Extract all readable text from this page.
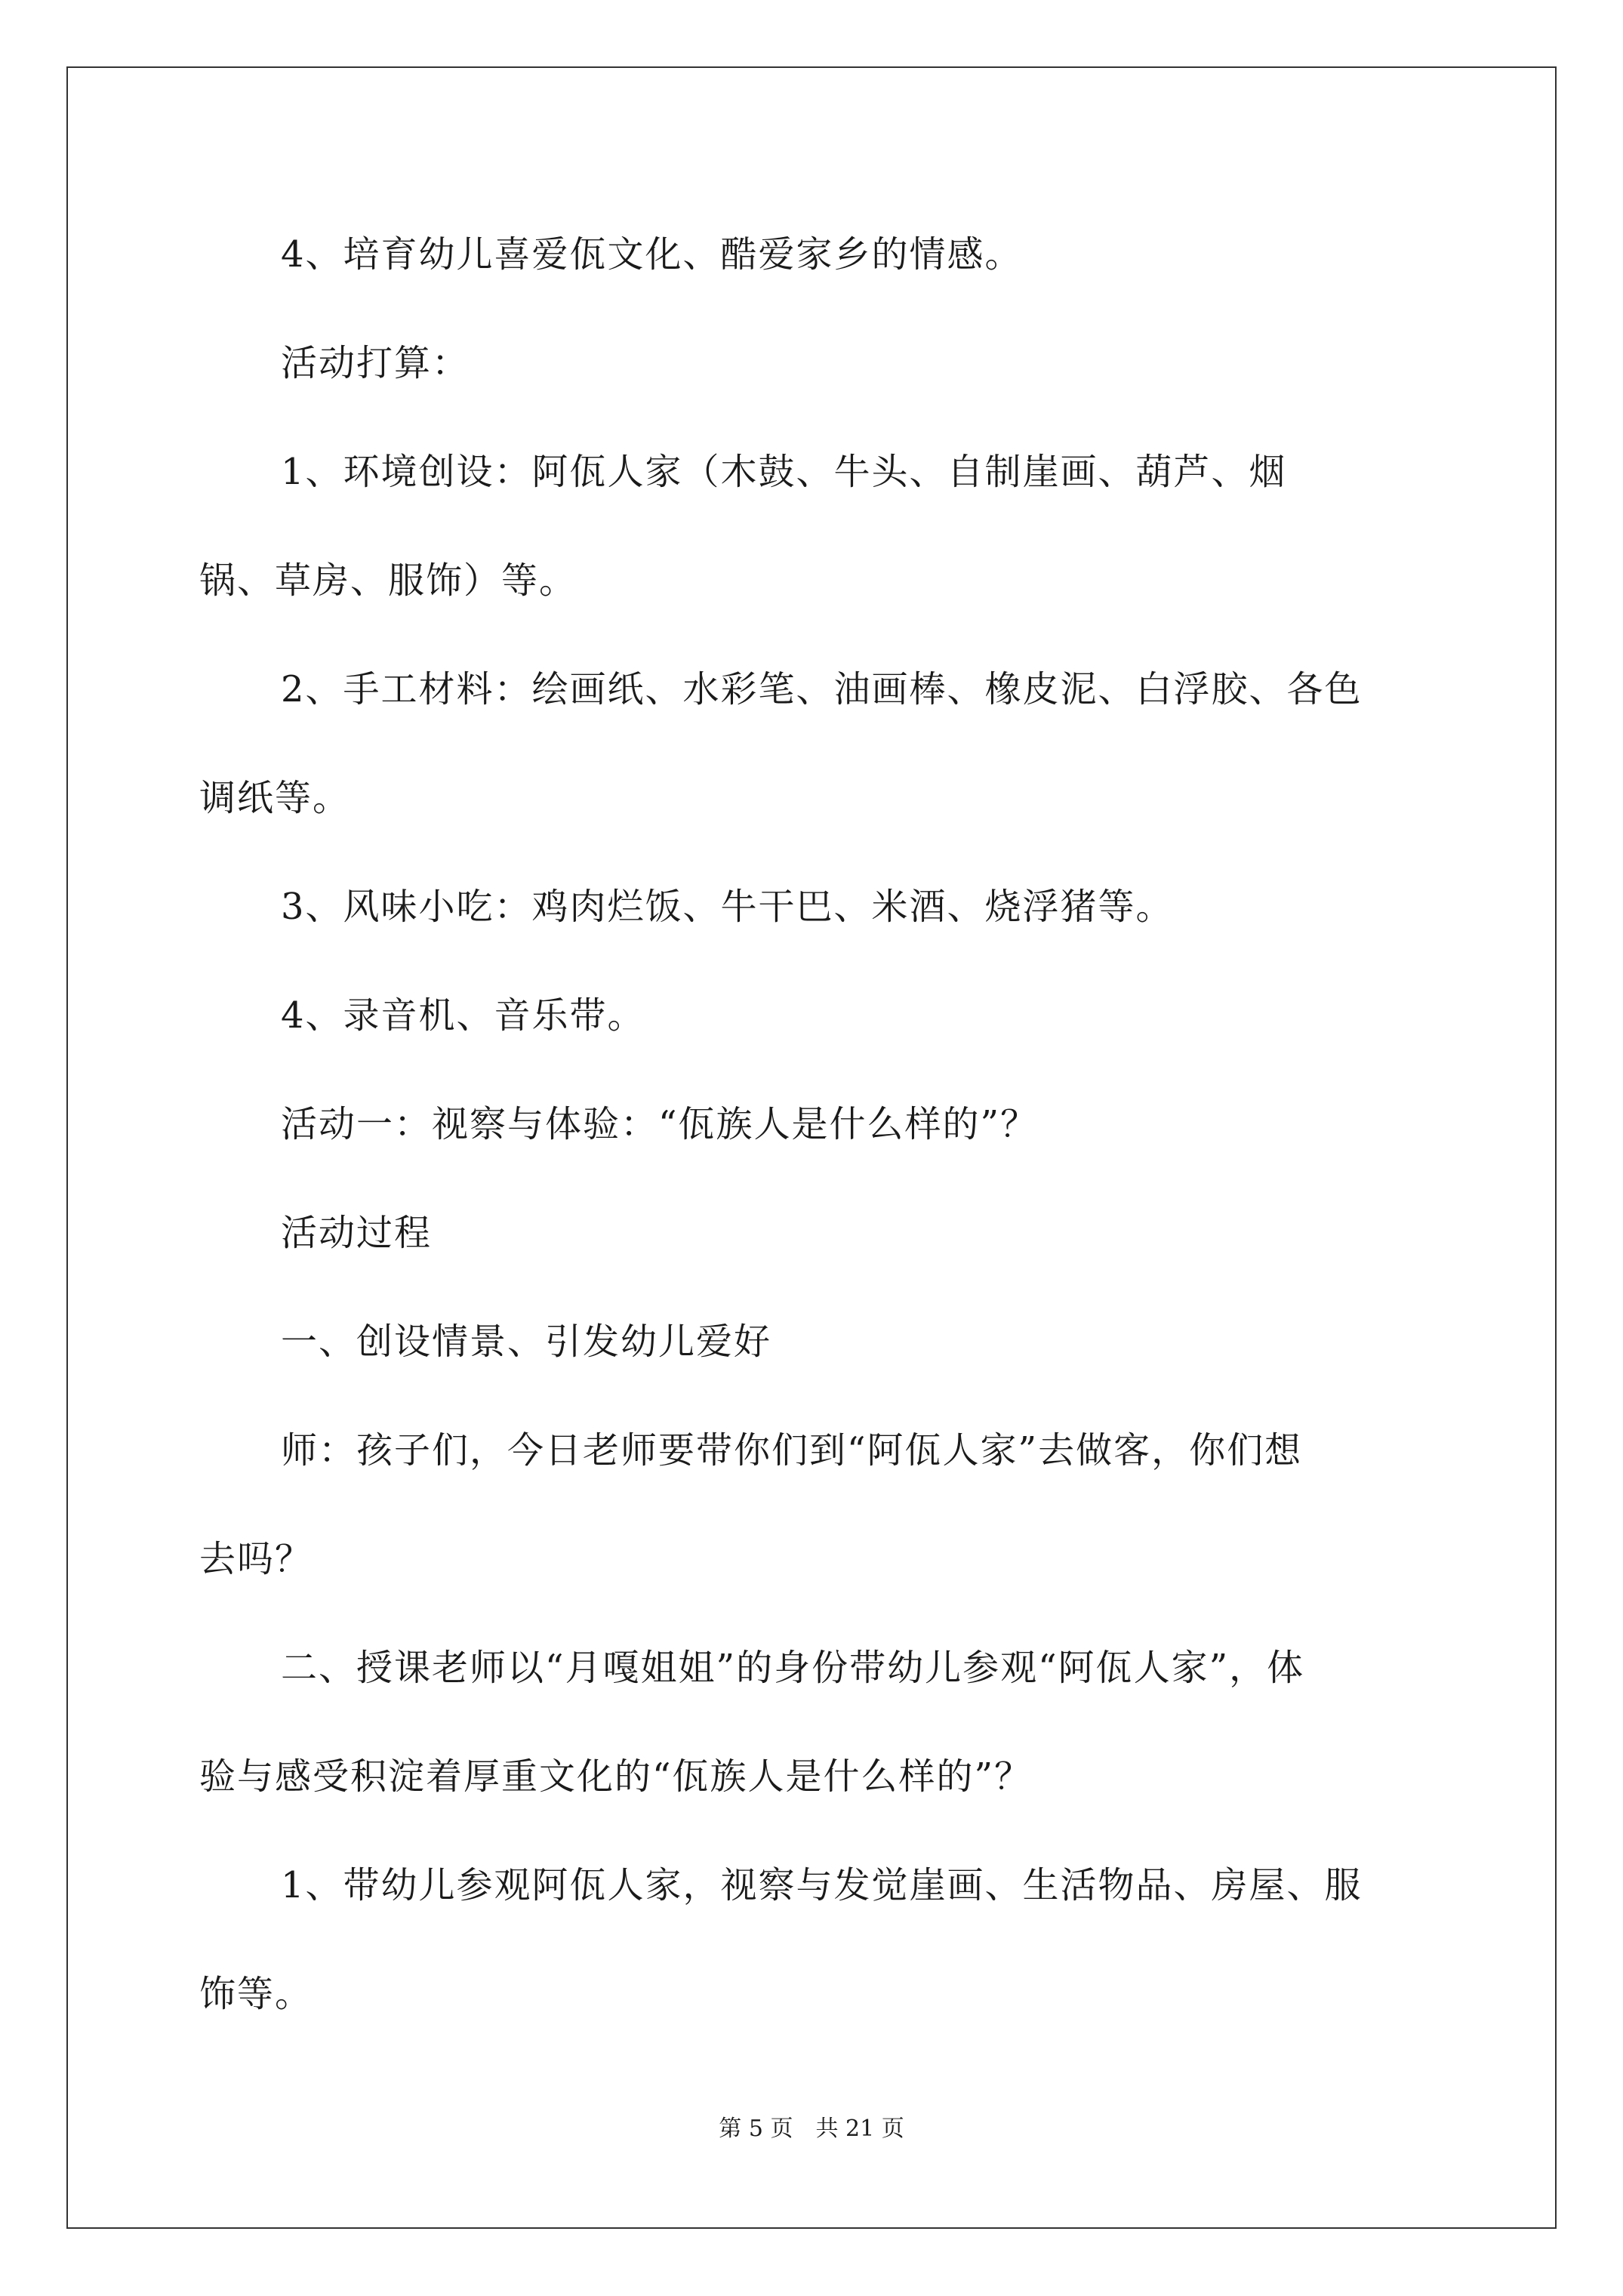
4、培育幼儿喜爱佤文化、酷爱家乡的情感。
活动打算：
1、环境创设：阿佤人家（木鼓、牛头、自制崖画、葫芦、烟
锅、草房、服饰）等。
2、手工材料：绘画纸、水彩笔、油画棒、橡皮泥、白浮胶、各色
调纸等。
3、风味小吃：鸡肉烂饭、牛干巴、米酒、烧浮猪等。
4、录音机、音乐带。
活动一：视察与体验：“佤族人是什么样的”？
活动过程
一、创设情景、引发幼儿爱好
师：孩子们，今日老师要带你们到“阿佤人家”去做客，你们想
去吗？
二、授课老师以“月嘎姐姐”的身份带幼儿参观“阿佤人家”，体
验与感受积淀着厚重文化的“佤族人是什么样的”？
1、带幼儿参观阿佤人家，视察与发觉崖画、生活物品、房屋、服
饰等。
第 5 页　共 21 页
